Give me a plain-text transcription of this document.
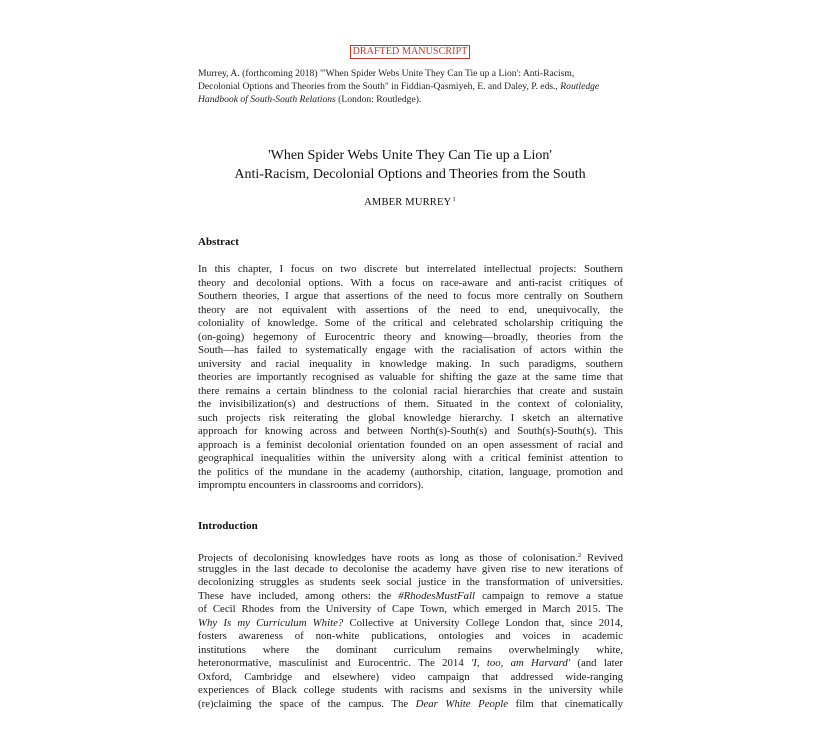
DRAFTED MANUSCRIPT
Murrey, A. (forthcoming 2018) "'When Spider Webs Unite They Can Tie up a Lion': Anti-Racism,
Decolonial Options and Theories from the South" in Fiddian-Qasmiyeh, E. and Daley, P. eds., Routledge
Handbook of South-South Relations (London: Routledge).
'When Spider Webs Unite They Can Tie up a Lion'
Anti-Racism, Decolonial Options and Theories from the South
AMBER MURREY$^1$
Abstract
In this chapter, I focus on two discrete but interrelated intellectual projects: Southern
theory and decolonial options. With a focus on race-aware and anti-racist critiques of
Southern theories, I argue that assertions of the need to focus more centrally on Southern
theory are not equivalent with assertions of the need to end, unequivocally, the
coloniality of knowledge. Some of the critical and celebrated scholarship critiquing the
(on-going) hegemony of Eurocentric theory and knowing—broadly, theories from the
South—has failed to systematically engage with the racialisation of actors within the
university and racial inequality in knowledge making. In such paradigms, southern
theories are importantly recognised as valuable for shifting the gaze at the same time that
there remains a certain blindness to the colonial racial hierarchies that create and sustain
the invisibilization(s) and destructions of them. Situated in the context of coloniality,
such projects risk reiterating the global knowledge hierarchy. I sketch an alternative
approach for knowing across and between North(s)-South(s) and South(s)-South(s). This
approach is a feminist decolonial orientation founded on an open assessment of racial and
geographical inequalities within the university along with a critical feminist attention to
the politics of the mundane in the academy (authorship, citation, language, promotion and
impromptu encounters in classrooms and corridors).
Introduction
Projects of decolonising knowledges have roots as long as those of colonisation.$^2$ Revived
struggles in the last decade to decolonise the academy have given rise to new iterations of
decolonizing struggles as students seek social justice in the transformation of universities.
These have included, among others: the #RhodesMustFall campaign to remove a statue
of Cecil Rhodes from the University of Cape Town, which emerged in March 2015. The
Why Is my Curriculum White? Collective at University College London that, since 2014,
fosters awareness of non-white publications, ontologies and voices in academic
institutions where the dominant curriculum remains overwhelmingly white,
heteronormative, masculinist and Eurocentric. The 2014 'I, too, am Harvard' (and later
Oxford, Cambridge and elsewhere) video campaign that addressed wide-ranging
experiences of Black college students with racisms and sexisms in the university while
(re)claiming the space of the campus. The Dear White People film that cinematically
